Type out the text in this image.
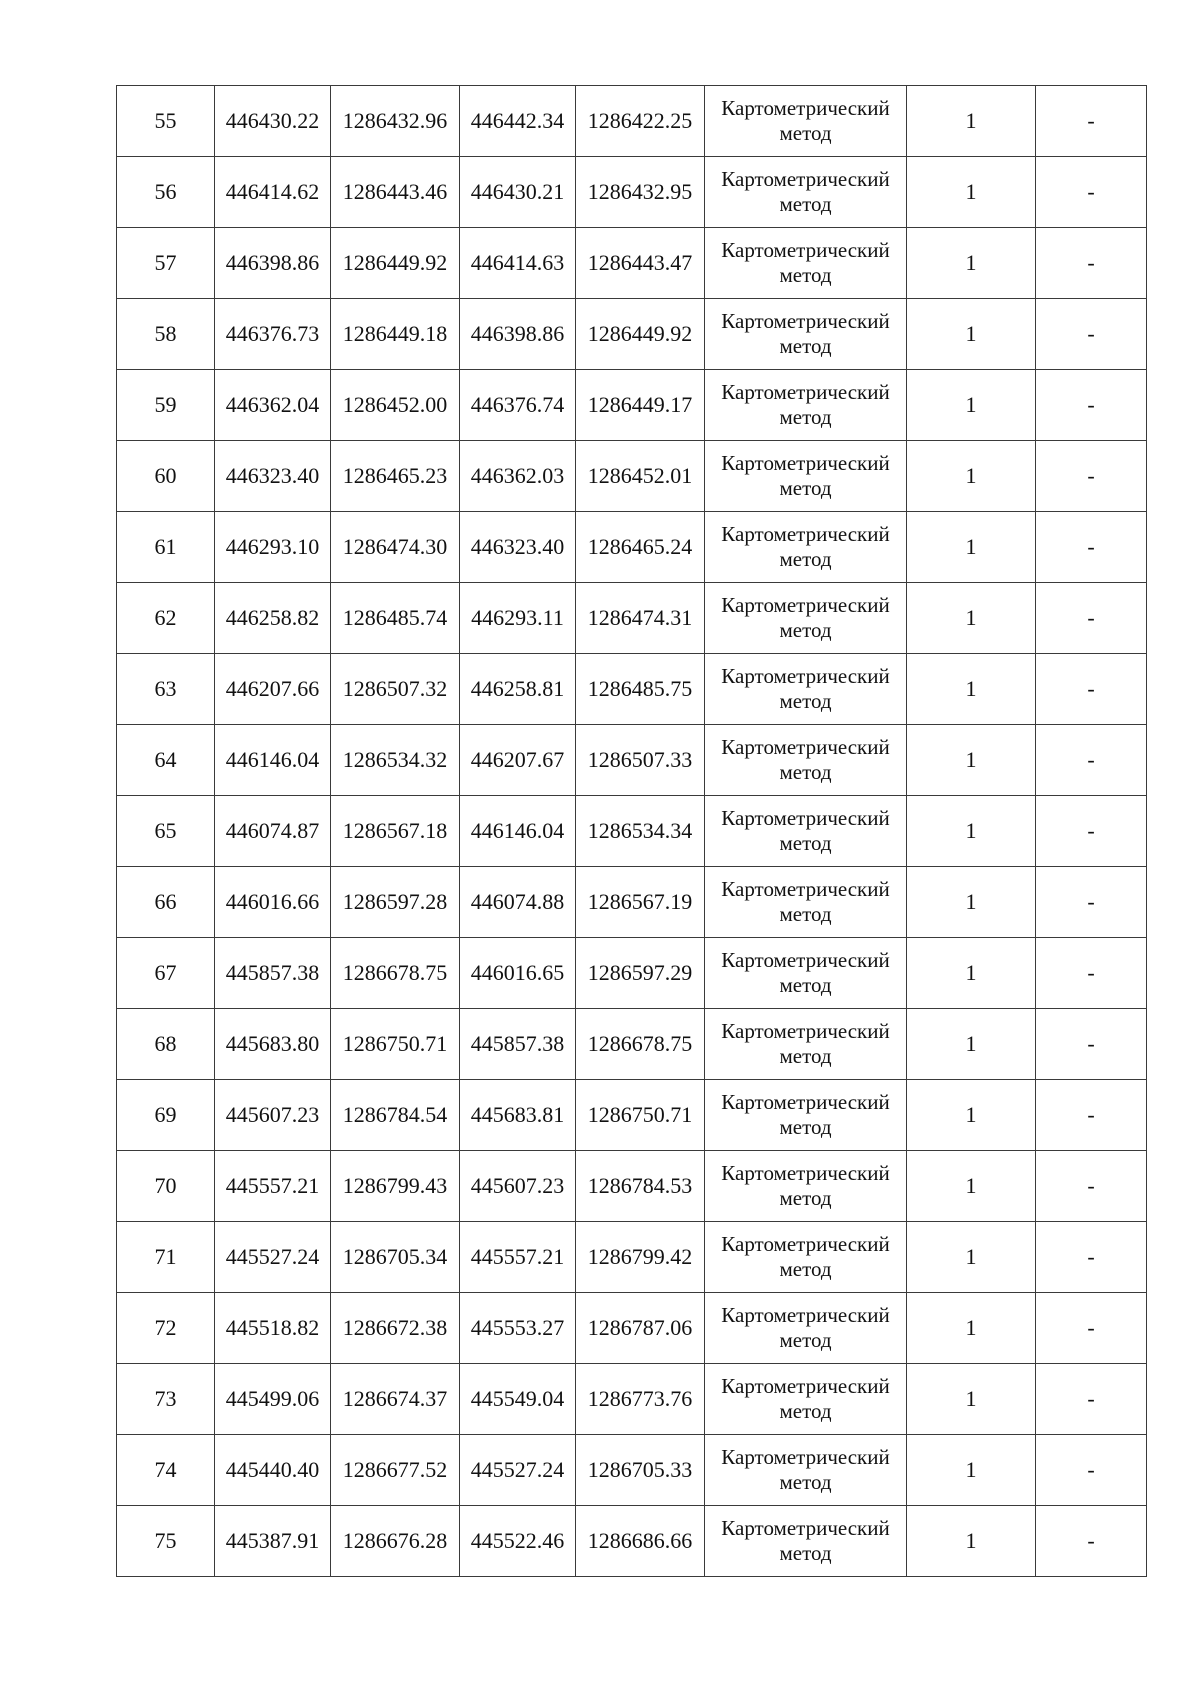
55	446430.22	1286432.96	446442.34	1286422.25	Картометрический
метод	1	-
56	446414.62	1286443.46	446430.21	1286432.95	Картометрический
метод	1	-
57	446398.86	1286449.92	446414.63	1286443.47	Картометрический
метод	1	-
58	446376.73	1286449.18	446398.86	1286449.92	Картометрический
метод	1	-
59	446362.04	1286452.00	446376.74	1286449.17	Картометрический
метод	1	-
60	446323.40	1286465.23	446362.03	1286452.01	Картометрический
метод	1	-
61	446293.10	1286474.30	446323.40	1286465.24	Картометрический
метод	1	-
62	446258.82	1286485.74	446293.11	1286474.31	Картометрический
метод	1	-
63	446207.66	1286507.32	446258.81	1286485.75	Картометрический
метод	1	-
64	446146.04	1286534.32	446207.67	1286507.33	Картометрический
метод	1	-
65	446074.87	1286567.18	446146.04	1286534.34	Картометрический
метод	1	-
66	446016.66	1286597.28	446074.88	1286567.19	Картометрический
метод	1	-
67	445857.38	1286678.75	446016.65	1286597.29	Картометрический
метод	1	-
68	445683.80	1286750.71	445857.38	1286678.75	Картометрический
метод	1	-
69	445607.23	1286784.54	445683.81	1286750.71	Картометрический
метод	1	-
70	445557.21	1286799.43	445607.23	1286784.53	Картометрический
метод	1	-
71	445527.24	1286705.34	445557.21	1286799.42	Картометрический
метод	1	-
72	445518.82	1286672.38	445553.27	1286787.06	Картометрический
метод	1	-
73	445499.06	1286674.37	445549.04	1286773.76	Картометрический
метод	1	-
74	445440.40	1286677.52	445527.24	1286705.33	Картометрический
метод	1	-
75	445387.91	1286676.28	445522.46	1286686.66	Картометрический
метод	1	-
